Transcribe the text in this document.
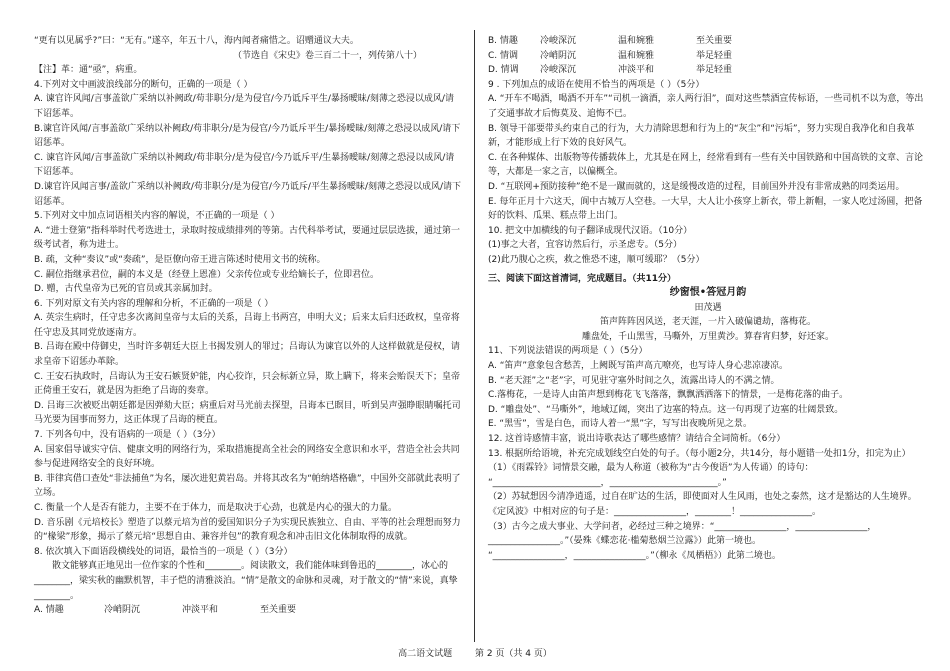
“更有以见属乎?”曰：“无有。”遂卒，年五十八，海内闻者痛惜之。诏赠通议大夫。

（节选自《宋史》卷三百二十一，列传第八十）

【注】革：通“亟”，病重。

4.下列对文中画波浪线部分的断句，正确的一项是（ ）

A. 谏官许风闻/言事盖欲广采纳以补阙政/苟非职分/是为侵官/今乃诋斥平生/暴扬曖昧/刻薄之恐浸以成风/请下诏惩革。

B.谏官许风闻/言事盖欲广采纳以补阙政/苟非职分/是为侵官/今乃诋斥平生/暴扬曖昧/刻薄之恐浸以成风/请下诏惩革。

C. 谏官许风闻/言事盖欲广采纳以补阙政/苟非职分/是为侵官/今乃诋斥平/生暴扬曖昧/刻薄之恐浸以成风/请下诏惩革。

D.谏官许风闻言事/盖欲广采纳以补阙政/苟非职分/是为侵官/今乃诋斥/平生暴扬曖昧/刻薄之恐浸以成风/请下诏惩革。

5.下列对文中加点词语相关内容的解说，不正确的一项是（ ）

A. “进士登第”指科举时代考选进士，录取时按成绩排列的等第。古代科举考试，要通过层层选拔，通过第一级考试者，称为进士。

B. 疏，文种“奏议”或“奏疏”，是臣僚向帝王进言陈述时使用文书的统称。

C. 嗣位指继承君位，嗣的本义是（经登上恩准）父亲传位或专业给嫡长子，位即君位。

D. 赠，古代皇帝为已死的官员或其亲属加封。

6. 下列对原文有关内容的理解和分析，不正确的一项是（ ）

A. 英宗生病时，任守忠多次离间皇帝与太后的关系，吕诲上书两宫，申明大义；后来太后归还政权，皇帝将任守忠及其同党放逐南方。

B. 吕诲在殿中侍御史，当时许多朝廷大臣上书揭发别人的罪过；吕诲认为谏官以外的人这样做就是侵权，请求皇帝下诏惩办革除。

C. 王安石执政时，吕诲认为王安石嫉贤妒能，内心狡诈，只会标新立异，欺上瞒下，将来会贻误天下；皇帝正倚重王安石，就是因为拒绝了吕诲的奏章。

D. 吕诲三次被贬出朝廷都是因弹劾大臣；病重后对马光前去探望，吕诲本已瞑目，听到吴声强睁眼睛嘱托司马光要为国事而努力，这正体现了吕诲的梗直。

7. 下列各句中，没有语病的一项是（ ）（3分）

A. 国家倡导诚实守信、健康文明的网络行为，采取措施提高全社会的网络安全意识和水平，营造全社会共同参与促进网络安全的良好环境。

B. 菲律宾借口查处“非法捕鱼”为名，屡次进犯黄岩岛。并将其改名为“帕纳塔格礁”，中国外交部就此表明了立场。

C. 衡量一个人是否有能力，主要不在于体力，而是取决于心劲，也就是内心的强大的力量。

D. 音乐剧《元培校长》塑造了以蔡元培为首的爱国知识分子为实现民族独立、自由、平等的社会理想而努力的“椽梁”形象，揭示了蔡元培“思想自由、兼容并包”的教育观念和冲击旧文化体制取得的成就。

8. 依次填入下面语段横线处的词语，最恰当的一项是（ ）（3分）

散文能够真正地见出一位作家的个性和________。阅读散文，我们能体味到鲁迅的________，冰心的________，梁实秋的幽默机智，丰子恺的清雅淡泊。“情”是散文的命脉和灵魂，对于散文的“情”来说，真挚________。

A. 情趣	冷峭阴沉	冲淡平和	至关重要
B. 情趣	冷峻深沉	温和婉雅	至关重要
C. 情调	冷峭阴沉	温和婉雅	举足轻重
D. 情调	冷峻深沉	冲淡平和	举足轻重

9 . 下列加点的成语在使用不恰当的两项是（ ）（5分）

A. “开车不喝酒，喝酒不开车”“司机一滴酒，亲人两行泪”，面对这些禁酒宣传标语，一些司机不以为意，等出了交通事故才后悔莫及、追悔不已。

B. 领导干部要带头约束自己的行为，大力清除思想和行为上的“灰尘”和“污垢”，努力实现自我净化和自我革新，才能形成上行下效的良好风气。

C. 在各种媒体、出版物等传播载体上，尤其是在网上，经常看到有一些有关中国铁路和中国高铁的文章、言论等，大都是一家之言，以偏概全。

D. “互联网+预防接种”绝不是一蹴而就的，这是缓慢改造的过程，目前国外并没有非常成熟的同类运用。

E. 每年正月十六这天，阆中古城万人空巷。一大早，大人让小孩穿上新衣，带上新帽，一家人吃过汤圆，把备好的饮料、瓜果、糕点带上出门。

10. 把文中加横线的句子翻译成现代汉语。（10分）

(1)事之大者，宜容访然后行，示圣虑专。（5分）

(2)此乃腹心之疾，救之惟恐不速，顺可缓耶？（5分）

三、阅读下面这首清词，完成题目。（共11分）

纱窗恨•答冠月韵

田茂遇

笛声阵阵因风送，老天涯，一片入破偏谴劫，落梅花。

雕盘处，千山黑雪，马嘶外，万里黄沙。算春宵归梦，好还家。

11、下列说法错误的两项是（ ）（5分）

A. “笛声”意象包含愁苦，上阙既写笛声高亢嘹亮，也写诗人身心悲凉凄凉。

B. “老天涯”之“老”字，可见驻守塞外时间之久，流露出诗人的不满之情。

C.落梅花，一是诗人由笛声想到梅花飞飞落落，飘飘洒洒落下的情景，一是梅花落的曲子。

D. “雕盘处”、“马嘶外”，地域辽阔，突出了边塞的特点。这一句再现了边塞的壮阔景致。

E. “黑雪”，雪是白色，而诗人着一“黑”字，写写出夜晚所见之景。

12. 这首诗感情丰富，说出诗歌表达了哪些感情？请结合全词简析。（6分）

13. 根据所给语境，补充完成划线空白处的句子。（每小题2分，共14分，每小题错一处扣1分，扣完为止）

（1）《雨霖铃》词情景交融，最为人称道（被称为“古今俊语”为人传诵）的诗句：

“________________________，________________________。”

（2）苏轼想因今清净逍遥，过自在旷达的生活，即使面对人生风雨，也处之泰然，这才是豁达的人生境界。《定风波》中相对应的句子是：________________，________！________________。

（3）古今之成大事业、大学问者，必经过三种之境界：“________________，________________，________________。”（晏殊《蝶恋花·槛菊愁烟兰泣露》）此第一境也。

“________________，________________。”（柳永《凤栖梧》）此第二境也。

高二语文试题	第 2 页（共 4 页）
